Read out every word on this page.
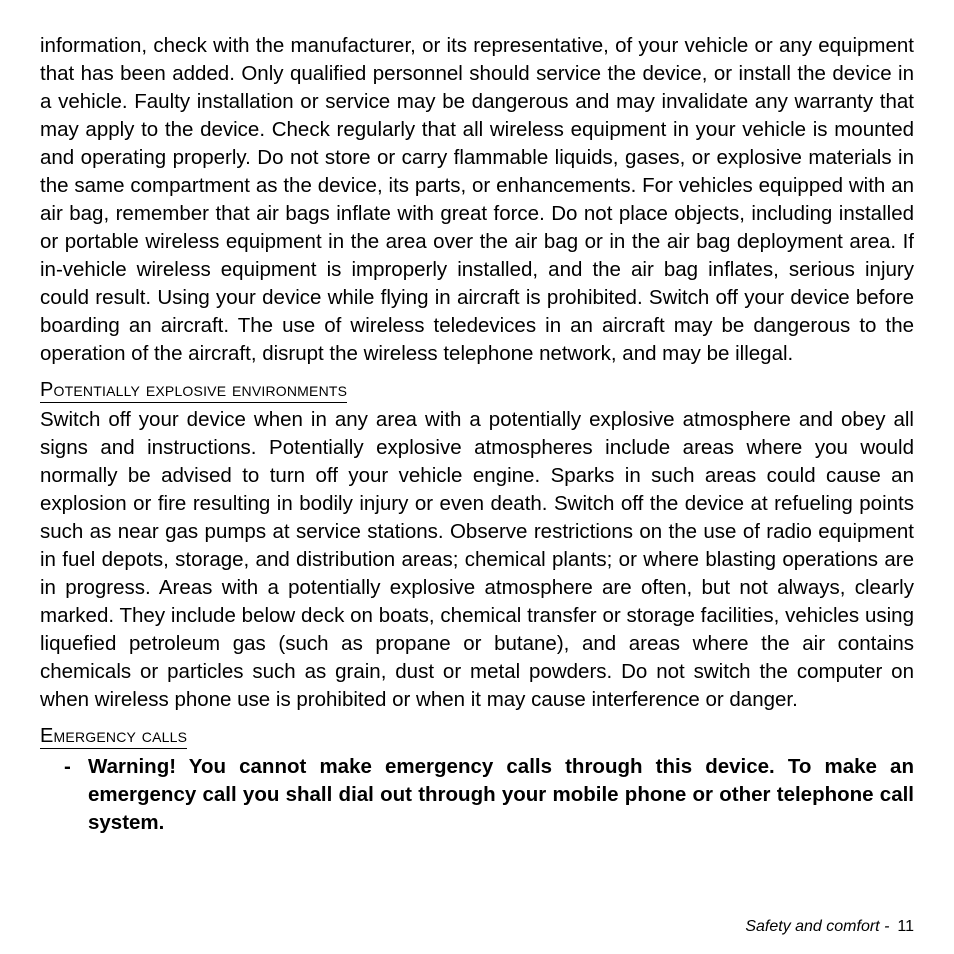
information, check with the manufacturer, or its representative, of your vehicle or any equipment that has been added. Only qualified personnel should service the device, or install the device in a vehicle. Faulty installation or service may be dangerous and may invalidate any warranty that may apply to the device. Check regularly that all wireless equipment in your vehicle is mounted and operating properly. Do not store or carry flammable liquids, gases, or explosive materials in the same compartment as the device, its parts, or enhancements. For vehicles equipped with an air bag, remember that air bags inflate with great force. Do not place objects, including installed or portable wireless equipment in the area over the air bag or in the air bag deployment area. If in-vehicle wireless equipment is improperly installed, and the air bag inflates, serious injury could result. Using your device while flying in aircraft is prohibited. Switch off your device before boarding an aircraft. The use of wireless teledevices in an aircraft may be dangerous to the operation of the aircraft, disrupt the wireless telephone network, and may be illegal.

Potentially explosive environments

Switch off your device when in any area with a potentially explosive atmosphere and obey all signs and instructions. Potentially explosive atmospheres include areas where you would normally be advised to turn off your vehicle engine. Sparks in such areas could cause an explosion or fire resulting in bodily injury or even death. Switch off the device at refueling points such as near gas pumps at service stations. Observe restrictions on the use of radio equipment in fuel depots, storage, and distribution areas; chemical plants; or where blasting operations are in progress. Areas with a potentially explosive atmosphere are often, but not always, clearly marked. They include below deck on boats, chemical transfer or storage facilities, vehicles using liquefied petroleum gas (such as propane or butane), and areas where the air contains chemicals or particles such as grain, dust or metal powders. Do not switch the computer on when wireless phone use is prohibited or when it may cause interference or danger.

Emergency calls
- Warning! You cannot make emergency calls through this device. To make an emergency call you shall dial out through your mobile phone or other telephone call system.
Safety and comfort - 11
